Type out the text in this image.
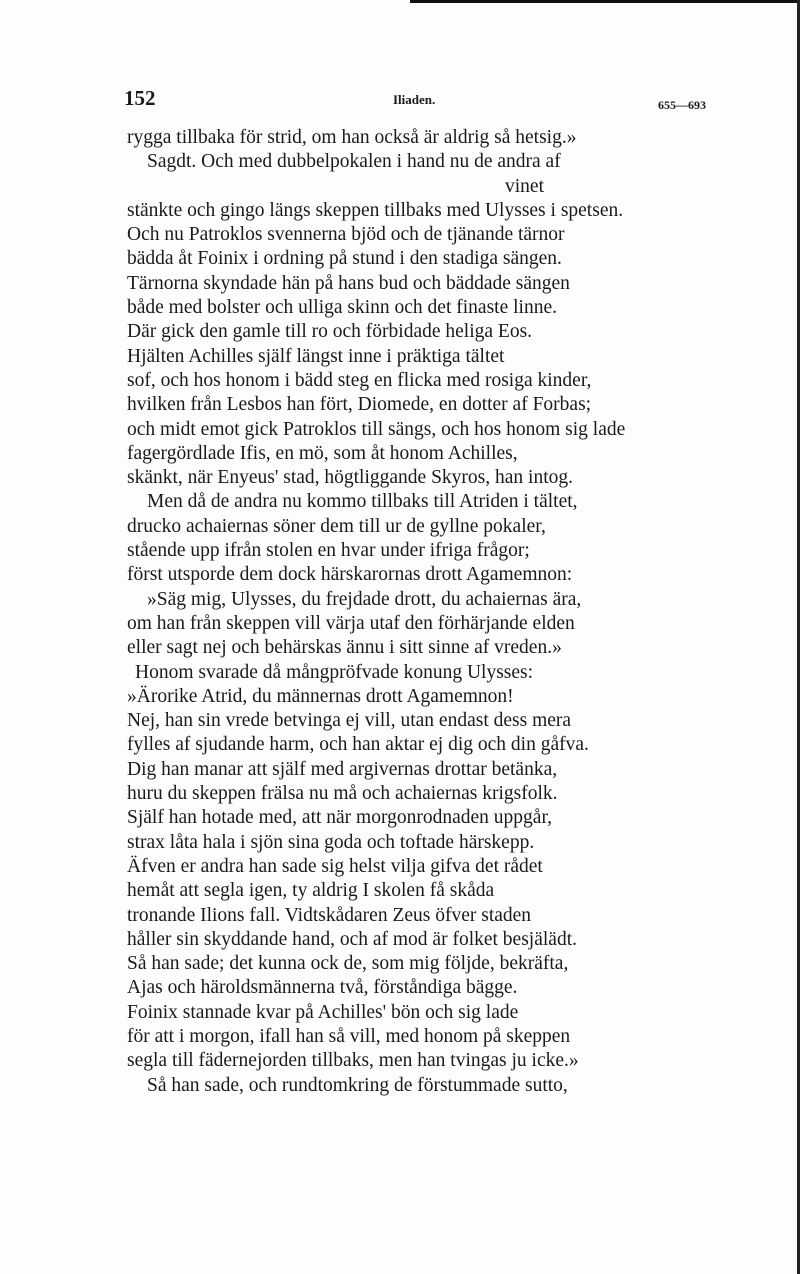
152	Iliaden.	655—693
rygga tillbaka för strid, om han också är aldrig så hetsig.»
Sagdt. Och med dubbelpokalen i hand nu de andra af
vinet
stänkte och gingo längs skeppen tillbaks med Ulysses i spetsen.
Och nu Patroklos svennerna bjöd och de tjänande tärnor
bädda åt Foinix i ordning på stund i den stadiga sängen.
Tärnorna skyndade hän på hans bud och bäddade sängen
både med bolster och ulliga skinn och det finaste linne.
Där gick den gamle till ro och förbidade heliga Eos.
Hjälten Achilles själf längst inne i präktiga tältet
sof, och hos honom i bädd steg en flicka med rosiga kinder,
hvilken från Lesbos han fört, Diomede, en dotter af Forbas;
och midt emot gick Patroklos till sängs, och hos honom sig lade
fagergördlade Ifis, en mö, som åt honom Achilles,
skänkt, när Enyeus' stad, högtliggande Skyros, han intog.
Men då de andra nu kommo tillbaks till Atriden i tältet,
drucko achaiernas söner dem till ur de gyllne pokaler,
stående upp ifrån stolen en hvar under ifriga frågor;
först utsporde dem dock härskarornas drott Agamemnon:
»Säg mig, Ulysses, du frejdade drott, du achaiernas ära,
om han från skeppen vill värja utaf den förhärjande elden
eller sagt nej och behärskas ännu i sitt sinne af vreden.»
Honom svarade då mångpröfvade konung Ulysses:
»Ärorike Atrid, du männernas drott Agamemnon!
Nej, han sin vrede betvinga ej vill, utan endast dess mera
fylles af sjudande harm, och han aktar ej dig och din gåfva.
Dig han manar att själf med argivernas drottar betänka,
huru du skeppen frälsa nu må och achaiernas krigsfolk.
Själf han hotade med, att när morgonrodnaden uppgår,
strax låta hala i sjön sina goda och toftade härskepp.
Äfven er andra han sade sig helst vilja gifva det rådet
hemåt att segla igen, ty aldrig I skolen få skåda
tronande Ilions fall. Vidtskådaren Zeus öfver staden
håller sin skyddande hand, och af mod är folket besjälädt.
Så han sade; det kunna ock de, som mig följde, bekräfta,
Ajas och häroldsmännerna två, förståndiga bägge.
Foinix stannade kvar på Achilles' bön och sig lade
för att i morgon, ifall han så vill, med honom på skeppen
segla till fädernejorden tillbaks, men han tvingas ju icke.»
Så han sade, och rundtomkring de förstummade sutto,
